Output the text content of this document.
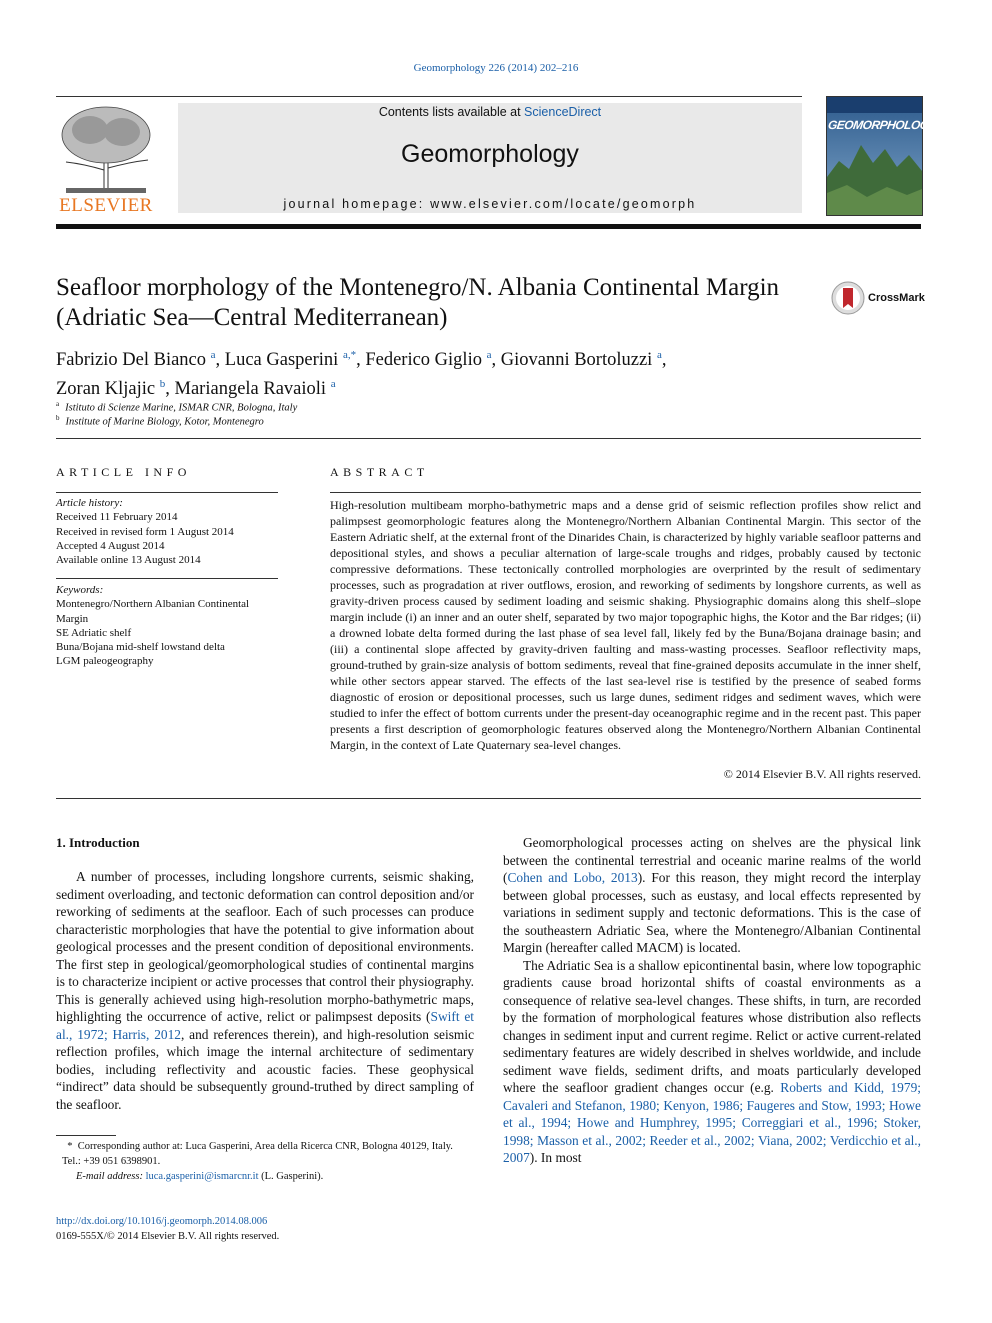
Geomorphology 226 (2014) 202–216
Contents lists available at ScienceDirect
Geomorphology
journal homepage: www.elsevier.com/locate/geomorph
ELSEVIER
GEOMORPHOLOGY
Seafloor morphology of the Montenegro/N. Albania Continental Margin (Adriatic Sea—Central Mediterranean)
CrossMark
Fabrizio Del Bianco $^a$, Luca Gasperini $^{a,*}$, Federico Giglio $^a$, Giovanni Bortoluzzi $^a$,
Zoran Kljajic $^b$, Mariangela Ravaioli $^a$
$^a$ Istituto di Scienze Marine, ISMAR CNR, Bologna, Italy
$^b$ Institute of Marine Biology, Kotor, Montenegro
ARTICLE INFO
Article history:
Received 11 February 2014
Received in revised form 1 August 2014
Accepted 4 August 2014
Available online 13 August 2014
Keywords:
Montenegro/Northern Albanian Continental Margin
SE Adriatic shelf
Buna/Bojana mid-shelf lowstand delta
LGM paleogeography
ABSTRACT
High-resolution multibeam morpho-bathymetric maps and a dense grid of seismic reflection profiles show relict and palimpsest geomorphologic features along the Montenegro/Northern Albanian Continental Margin. This sector of the Eastern Adriatic shelf, at the external front of the Dinarides Chain, is characterized by highly variable seafloor patterns and depositional styles, and shows a peculiar alternation of large-scale troughs and ridges, probably caused by tectonic compressive deformations. These tectonically controlled morphologies are overprinted by the result of sedimentary processes, such as progradation at river outflows, erosion, and reworking of sediments by longshore currents, as well as gravity-driven process caused by sediment loading and seismic shaking. Physiographic domains along this shelf–slope margin include (i) an inner and an outer shelf, separated by two major topographic highs, the Kotor and the Bar ridges; (ii) a drowned lobate delta formed during the last phase of sea level fall, likely fed by the Buna/Bojana drainage basin; and (iii) a continental slope affected by gravity-driven faulting and mass-wasting processes. Seafloor reflectivity maps, ground-truthed by grain-size analysis of bottom sediments, reveal that fine-grained deposits accumulate in the inner shelf, while other sectors appear starved. The effects of the last sea-level rise is testified by the presence of seabed forms diagnostic of erosion or depositional processes, such us large dunes, sediment ridges and sediment waves, which were studied to infer the effect of bottom currents under the present-day oceanographic regime and in the recent past. This paper presents a first description of geomorphologic features observed along the Montenegro/Northern Albanian Continental Margin, in the context of Late Quaternary sea-level changes.
© 2014 Elsevier B.V. All rights reserved.
1. Introduction

A number of processes, including longshore currents, seismic shaking, sediment overloading, and tectonic deformation can control deposition and/or reworking of sediments at the seafloor. Each of such processes can produce characteristic morphologies that have the potential to give information about geological processes and the present condition of depositional environments. The first step in geological/geomorphological studies of continental margins is to characterize incipient or active processes that control their physiography. This is generally achieved using high-resolution morpho-bathymetric maps, highlighting the occurrence of active, relict or palimpsest deposits (Swift et al., 1972; Harris, 2012, and references therein), and high-resolution seismic reflection profiles, which image the internal architecture of sedimentary bodies, including reflectivity and acoustic facies. These geophysical “indirect” data should be subsequently ground-truthed by direct sampling of the seafloor.

Geomorphological processes acting on shelves are the physical link between the continental terrestrial and oceanic marine realms of the world (Cohen and Lobo, 2013). For this reason, they might record the interplay between global processes, such as eustasy, and local effects represented by variations in sediment supply and tectonic deformations. This is the case of the southeastern Adriatic Sea, where the Montenegro/Albanian Continental Margin (hereafter called MACM) is located.

The Adriatic Sea is a shallow epicontinental basin, where low topographic gradients cause broad horizontal shifts of coastal environments as a consequence of relative sea-level changes. These shifts, in turn, are recorded by the formation of morphological features whose distribution also reflects changes in sediment input and current regime. Relict or active current-related sedimentary features are widely described in shelves worldwide, and include sediment wave fields, sediment drifts, and moats particularly developed where the seafloor gradient changes occur (e.g. Roberts and Kidd, 1979; Cavaleri and Stefanon, 1980; Kenyon, 1986; Faugeres and Stow, 1993; Howe et al., 1994; Howe and Humphrey, 1995; Correggiari et al., 1996; Stoker, 1998; Masson et al., 2002; Reeder et al., 2002; Viana, 2002; Verdicchio et al., 2007). In most

* Corresponding author at: Luca Gasperini, Area della Ricerca CNR, Bologna 40129, Italy. Tel.: +39 051 6398901.
E-mail address: luca.gasperini@ismarcnr.it (L. Gasperini).
http://dx.doi.org/10.1016/j.geomorph.2014.08.006
0169-555X/© 2014 Elsevier B.V. All rights reserved.
